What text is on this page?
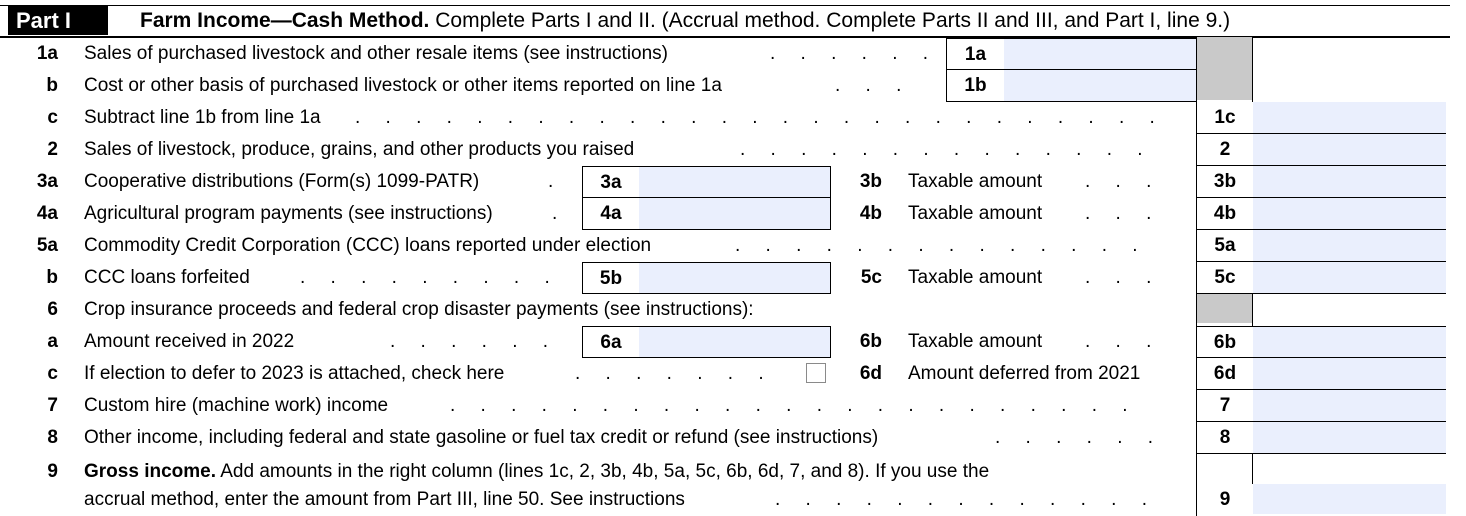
Part I	Farm Income—Cash Method. Complete Parts I and II. (Accrual method. Complete Parts II and III, and Part I, line 9.)
1a Sales of purchased livestock and other resale items (see instructions)	. . . . . .	1a
b Cost or other basis of purchased livestock or other items reported on line 1a	. . .	1b
c Subtract line 1b from line 1a . . . . . . . . . . . . . . . . . . . . . . . . . . .	1c
2 Sales of livestock, produce, grains, and other products you raised	. . . . . . . . . . . . . .	2
3a Cooperative distributions (Form(s) 1099-PATR)	.	3a	3b Taxable amount . . .	3b
4a Agricultural program payments (see instructions)	.	4a	4b Taxable amount . . .	4b
5a Commodity Credit Corporation (CCC) loans reported under election	. . . . . . . . . . . . . .	5a
b CCC loans forfeited	. . . . . . . . .	5b	5c Taxable amount . . .	5c
6 Crop insurance proceeds and federal crop disaster payments (see instructions):
a Amount received in 2022	. . . . . .	6a	6b Taxable amount . . .	6b
c If election to defer to 2023 is attached, check here	. . . . . . .	6d Amount deferred from 2021	6d
7 Custom hire (machine work) income	. . . . . . . . . . . . . . . . . . . . . . .	7
8 Other income, including federal and state gasoline or fuel tax credit or refund (see instructions)	. . . . . .	8
9 Gross income. Add amounts in the right column (lines 1c, 2, 3b, 4b, 5a, 5c, 6b, 6d, 7, and 8). If you use the
accrual method, enter the amount from Part III, line 50. See instructions	. . . . . . . . . . . . .	9
